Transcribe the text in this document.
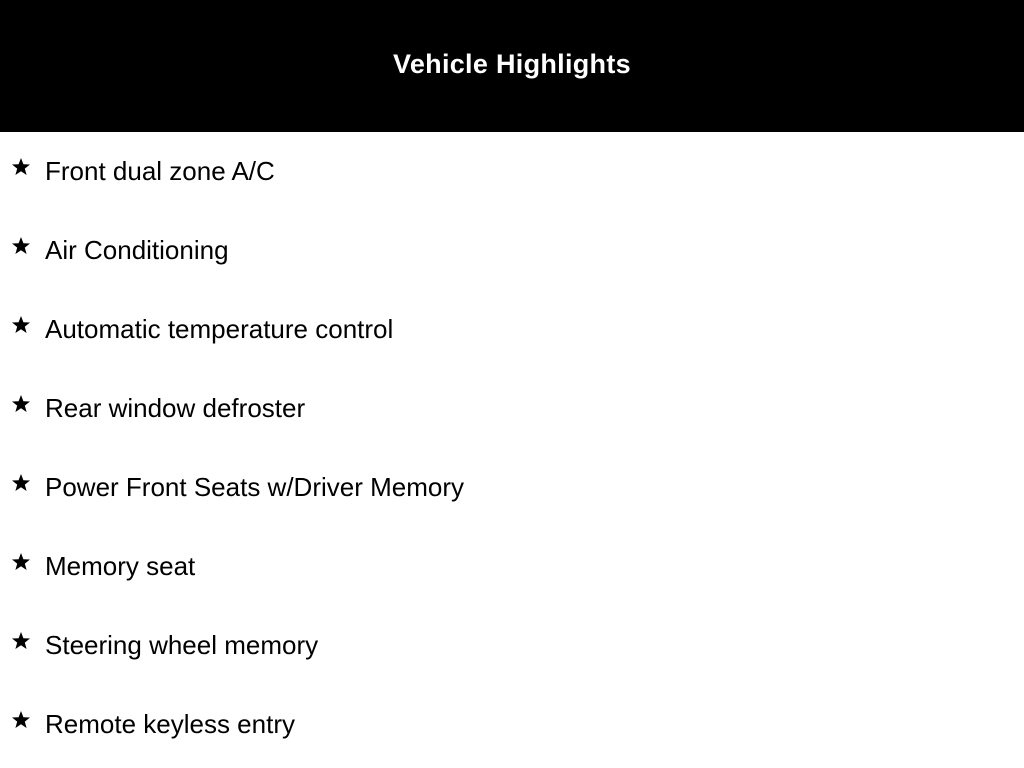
Vehicle Highlights
Front dual zone A/C
Air Conditioning
Automatic temperature control
Rear window defroster
Power Front Seats w/Driver Memory
Memory seat
Steering wheel memory
Remote keyless entry
